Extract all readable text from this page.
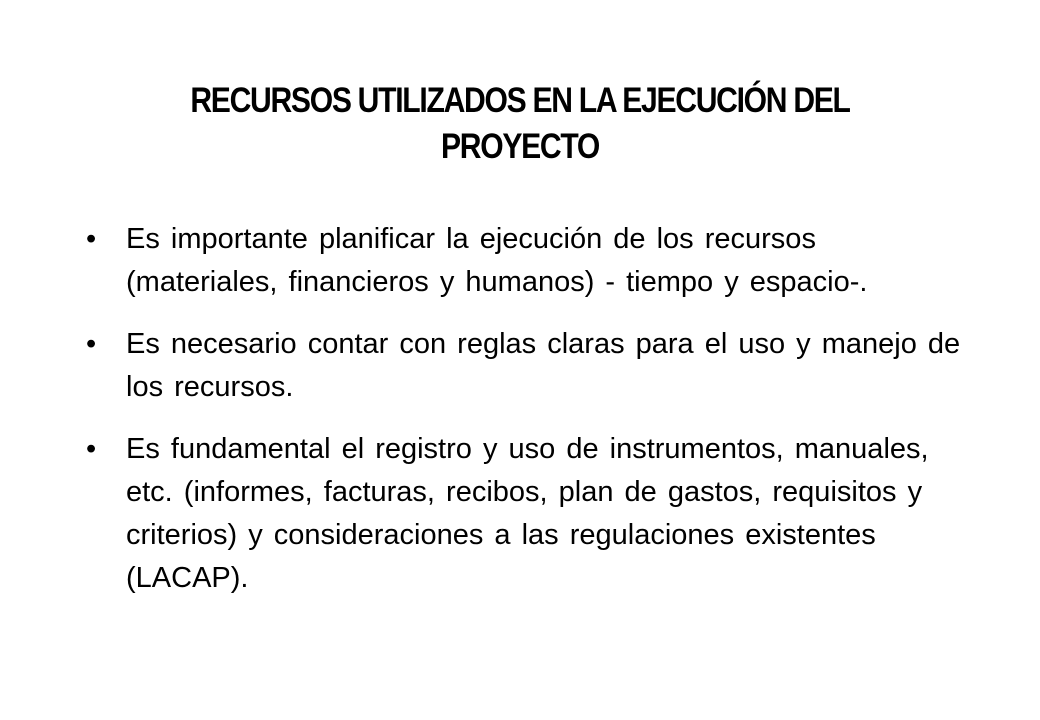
RECURSOS UTILIZADOS EN LA EJECUCIÓN DEL
PROYECTO
•	Es importante planificar la ejecución de los recursos (materiales, financieros y humanos) - tiempo y espacio-.
•	Es necesario contar con reglas claras para el uso y manejo de los recursos.
•	Es fundamental el registro y uso de instrumentos, manuales, etc. (informes, facturas, recibos, plan de gastos, requisitos y criterios) y consideraciones a las regulaciones existentes (LACAP).
